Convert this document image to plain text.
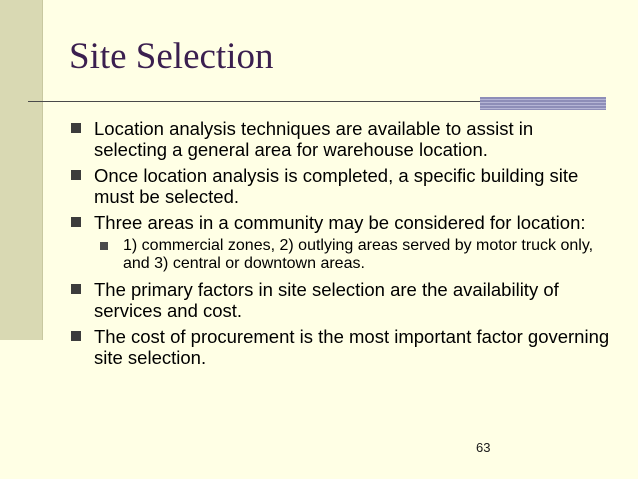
Site Selection
Location analysis techniques are available to assist in selecting a general area for warehouse location.
Once location analysis is completed, a specific building site must be selected.
Three areas in a community may be considered for location:
1) commercial zones, 2) outlying areas served by motor truck only, and 3) central or downtown areas.
The primary factors in site selection are the availability of services and cost.
The cost of procurement is the most important factor governing site selection.
63
